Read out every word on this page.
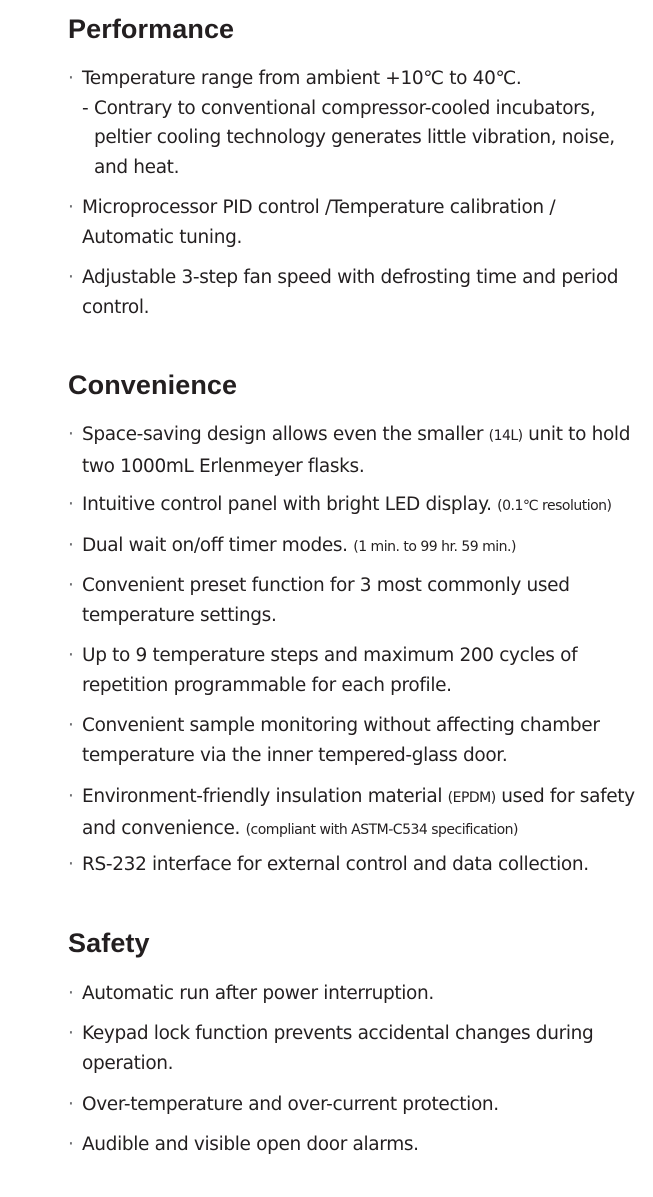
Performance
· Temperature range from ambient +10℃ to 40℃.
- Contrary to conventional compressor-cooled incubators, peltier cooling technology generates little vibration, noise, and heat.
· Microprocessor PID control /Temperature calibration / Automatic tuning.
· Adjustable 3-step fan speed with defrosting time and period control.
Convenience
· Space-saving design allows even the smaller (14L) unit to hold two 1000mL Erlenmeyer flasks.
· Intuitive control panel with bright LED display. (0.1℃ resolution)
· Dual wait on/off timer modes. (1 min. to 99 hr. 59 min.)
· Convenient preset function for 3 most commonly used temperature settings.
· Up to 9 temperature steps and maximum 200 cycles of repetition programmable for each profile.
· Convenient sample monitoring without affecting chamber temperature via the inner tempered-glass door.
· Environment-friendly insulation material (EPDM) used for safety and convenience. (compliant with ASTM-C534 specification)
· RS-232 interface for external control and data collection.
Safety
· Automatic run after power interruption.
· Keypad lock function prevents accidental changes during operation.
· Over-temperature and over-current protection.
· Audible and visible open door alarms.
